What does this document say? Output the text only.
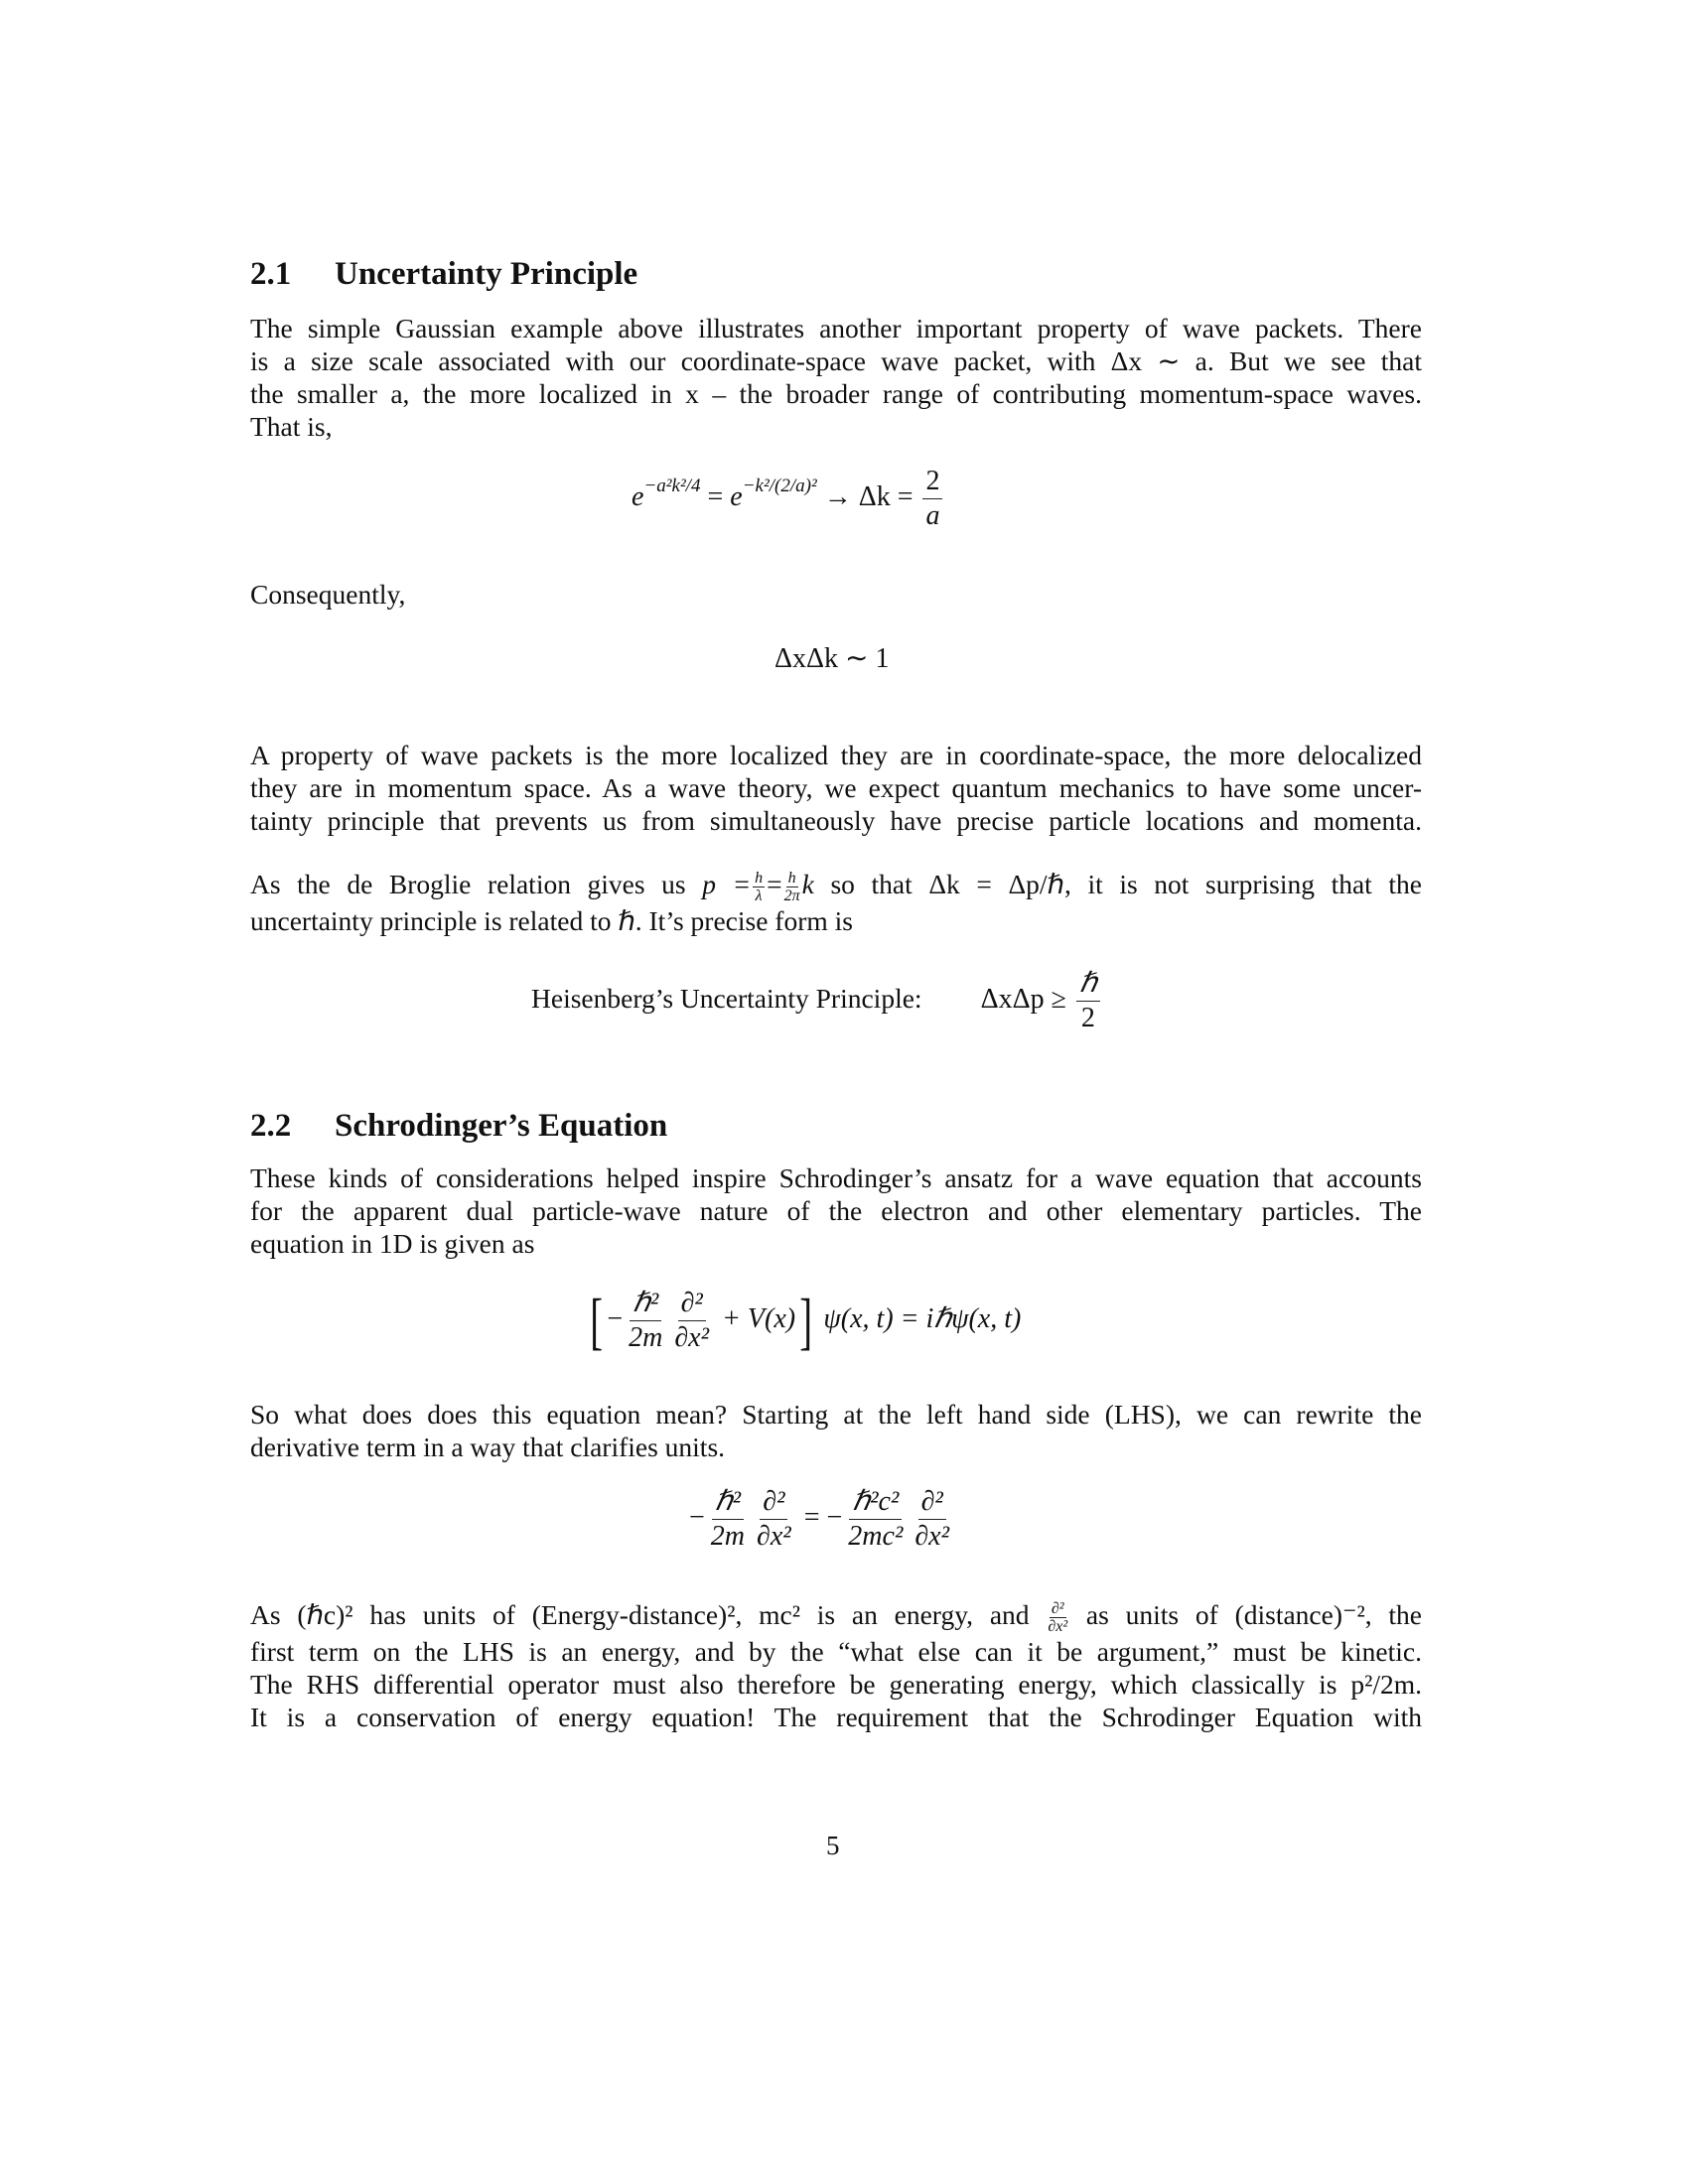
2.1 Uncertainty Principle
The simple Gaussian example above illustrates another important property of wave packets. There
is a size scale associated with our coordinate-space wave packet, with Δx ∼ a. But we see that
the smaller a, the more localized in x – the broader range of contributing momentum-space waves.
That is,
$e^{-a^2k^2/4} = e^{-k^2/(2/a)^2} \to \Delta k = \frac{2}{a}$
Consequently,
ΔxΔk ∼ 1
A property of wave packets is the more localized they are in coordinate-space, the more delocalized
they are in momentum space. As a wave theory, we expect quantum mechanics to have some uncer-
tainty principle that prevents us from simultaneously have precise particle locations and momenta.
As the de Broglie relation gives us $p = \frac{h}{\lambda} = \frac{h}{2\pi}$ k so that Δk = Δp/ℏ, it is not surprising that the
uncertainty principle is related to ℏ. It’s precise form is
Heisenberg’s Uncertainty Principle: $\Delta x\Delta p \ge \frac{\text{ℏ}}{2}$
2.2 Schrodinger’s Equation
These kinds of considerations helped inspire Schrodinger’s ansatz for a wave equation that accounts
for the apparent dual particle-wave nature of the electron and other elementary particles. The
equation in 1D is given as
[ − $\frac{\text{ℏ²}}{2m} \frac{\text{∂²}}{\text{∂x²}} + V(x)$] ψ(x, t) = iℏψ(x, t)
So what does does this equation mean? Starting at the left hand side (LHS), we can rewrite the
derivative term in a way that clarifies units.
− $\frac{\text{ℏ²}}{2m} \frac{\text{∂²}}{\text{∂x²}}$ = − $\frac{\text{ℏ²c²}}{\text{2mc²}} \frac{\text{∂²}}{\text{∂x²}}$
As (ℏc)² has units of (Energy-distance)², mc² is an energy, and ∂²
∂x² as units of (distance)⁻², the
first term on the LHS is an energy, and by the “what else can it be argument,” must be kinetic.
The RHS differential operator must also therefore be generating energy, which classically is p²/2m.
It is a conservation of energy equation! The requirement that the Schrodinger Equation with
5
